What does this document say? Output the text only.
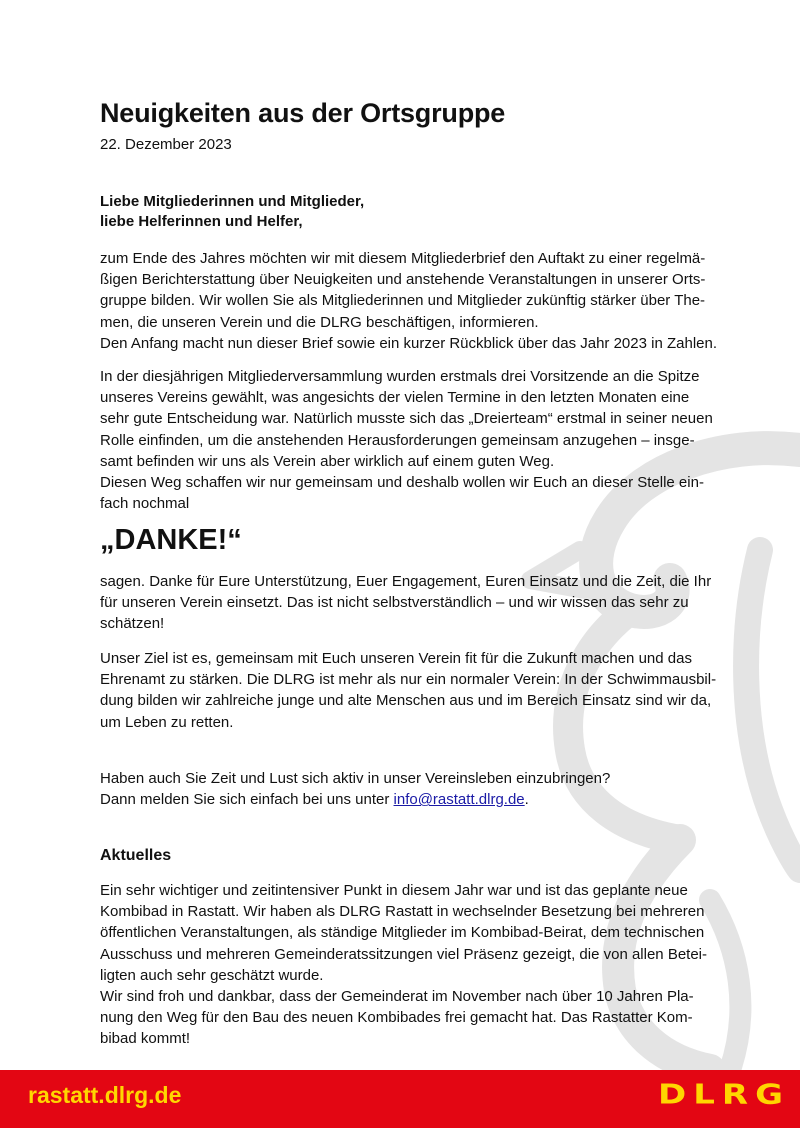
Neuigkeiten aus der Ortsgruppe
22. Dezember 2023
Liebe Mitgliederinnen und Mitglieder,
liebe Helferinnen und Helfer,
zum Ende des Jahres möchten wir mit diesem Mitgliederbrief den Auftakt zu einer regelmä-
ßigen Berichterstattung über Neuigkeiten und anstehende Veranstaltungen in unserer Orts-
gruppe bilden. Wir wollen Sie als Mitgliederinnen und Mitglieder zukünftig stärker über The-
men, die unseren Verein und die DLRG beschäftigen, informieren.
Den Anfang macht nun dieser Brief sowie ein kurzer Rückblick über das Jahr 2023 in Zahlen.
In der diesjährigen Mitgliederversammlung wurden erstmals drei Vorsitzende an die Spitze
unseres Vereins gewählt, was angesichts der vielen Termine in den letzten Monaten eine
sehr gute Entscheidung war. Natürlich musste sich das „Dreierteam“ erstmal in seiner neuen
Rolle einfinden, um die anstehenden Herausforderungen gemeinsam anzugehen – insge-
samt befinden wir uns als Verein aber wirklich auf einem guten Weg.
Diesen Weg schaffen wir nur gemeinsam und deshalb wollen wir Euch an dieser Stelle ein-
fach nochmal
„DANKE!“
sagen. Danke für Eure Unterstützung, Euer Engagement, Euren Einsatz und die Zeit, die Ihr
für unseren Verein einsetzt. Das ist nicht selbstverständlich – und wir wissen das sehr zu
schätzen!
Unser Ziel ist es, gemeinsam mit Euch unseren Verein fit für die Zukunft machen und das
Ehrenamt zu stärken. Die DLRG ist mehr als nur ein normaler Verein: In der Schwimmausbil-
dung bilden wir zahlreiche junge und alte Menschen aus und im Bereich Einsatz sind wir da,
um Leben zu retten.
Haben auch Sie Zeit und Lust sich aktiv in unser Vereinsleben einzubringen?
Dann melden Sie sich einfach bei uns unter info@rastatt.dlrg.de.
Aktuelles
Ein sehr wichtiger und zeitintensiver Punkt in diesem Jahr war und ist das geplante neue
Kombibad in Rastatt. Wir haben als DLRG Rastatt in wechselnder Besetzung bei mehreren
öffentlichen Veranstaltungen, als ständige Mitglieder im Kombibad-Beirat, dem technischen
Ausschuss und mehreren Gemeinderatssitzungen viel Präsenz gezeigt, die von allen Betei-
ligten auch sehr geschätzt wurde.
Wir sind froh und dankbar, dass der Gemeinderat im November nach über 10 Jahren Pla-
nung den Weg für den Bau des neuen Kombibades frei gemacht hat. Das Rastatter Kom-
bibad kommt!
rastatt.dlrg.de	DLRG
